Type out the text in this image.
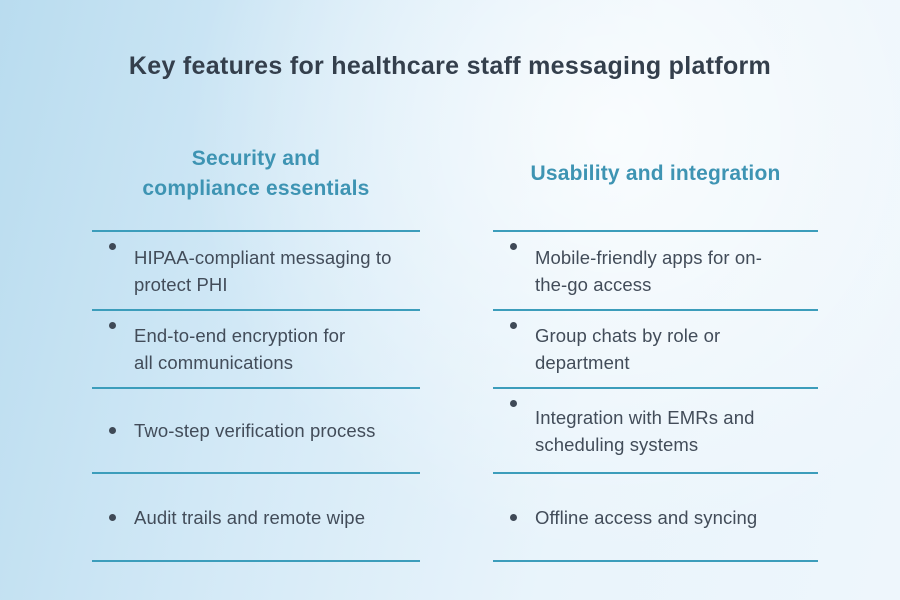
Key features for healthcare staff messaging platform
Security and
compliance essentials
HIPAA-compliant messaging to
protect PHI
End-to-end encryption for
all communications
Two-step verification process
Audit trails and remote wipe
Usability and integration
Mobile-friendly apps for on-
the-go access
Group chats by role or
department
Integration with EMRs and
scheduling systems
Offline access and syncing
